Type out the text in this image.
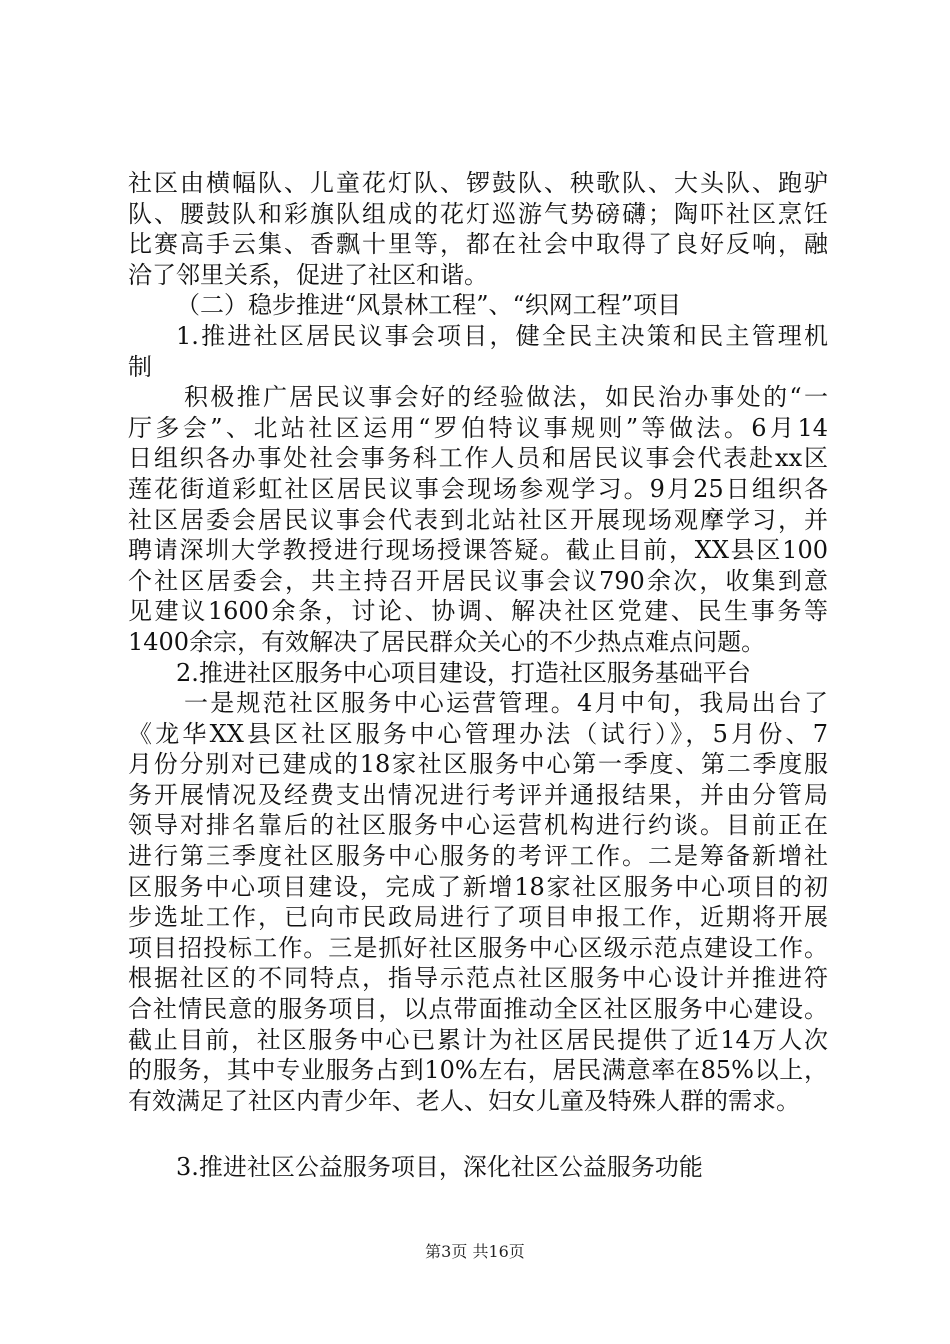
社区由横幅队、儿童花灯队、锣鼓队、秧歌队、大头队、跑驴
队、腰鼓队和彩旗队组成的花灯巡游气势磅礴；陶吓社区烹饪
比赛高手云集、香飘十里等，都在社会中取得了良好反响，融
洽了邻里关系，促进了社区和谐。
（二）稳步推进“风景林工程”、“织网工程”项目
1.推进社区居民议事会项目，健全民主决策和民主管理机
制
积极推广居民议事会好的经验做法，如民治办事处的“一
厅多会”、北站社区运用“罗伯特议事规则”等做法。6月14
日组织各办事处社会事务科工作人员和居民议事会代表赴xx区
莲花街道彩虹社区居民议事会现场参观学习。9月25日组织各
社区居委会居民议事会代表到北站社区开展现场观摩学习，并
聘请深圳大学教授进行现场授课答疑。截止目前，XX县区100
个社区居委会，共主持召开居民议事会议790余次，收集到意
见建议1600余条，讨论、协调、解决社区党建、民生事务等
1400余宗，有效解决了居民群众关心的不少热点难点问题。
2.推进社区服务中心项目建设，打造社区服务基础平台
一是规范社区服务中心运营管理。4月中旬，我局出台了
《龙华XX县区社区服务中心管理办法（试行）》，5月份、7
月份分别对已建成的18家社区服务中心第一季度、第二季度服
务开展情况及经费支出情况进行考评并通报结果，并由分管局
领导对排名靠后的社区服务中心运营机构进行约谈。目前正在
进行第三季度社区服务中心服务的考评工作。二是筹备新增社
区服务中心项目建设，完成了新增18家社区服务中心项目的初
步选址工作，已向市民政局进行了项目申报工作，近期将开展
项目招投标工作。三是抓好社区服务中心区级示范点建设工作。
根据社区的不同特点，指导示范点社区服务中心设计并推进符
合社情民意的服务项目，以点带面推动全区社区服务中心建设。
截止目前，社区服务中心已累计为社区居民提供了近14万人次
的服务，其中专业服务占到10%左右，居民满意率在85%以上，
有效满足了社区内青少年、老人、妇女儿童及特殊人群的需求。
3.推进社区公益服务项目，深化社区公益服务功能
第3页 共16页
